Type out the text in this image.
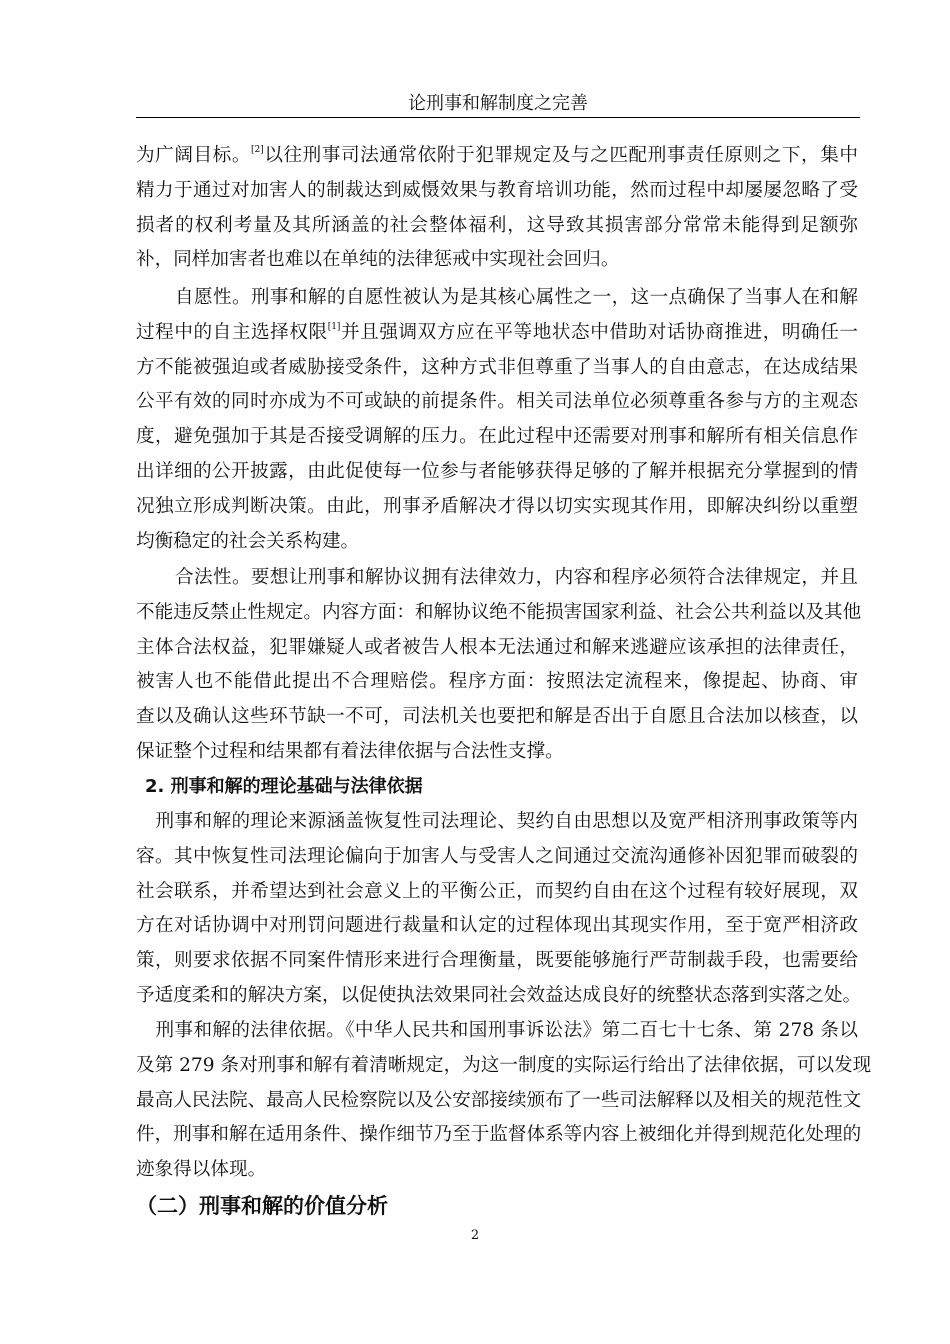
论刑事和解制度之完善
为广阔目标。[2]以往刑事司法通常依附于犯罪规定及与之匹配刑事责任原则之下，集中
精力于通过对加害人的制裁达到威慑效果与教育培训功能，然而过程中却屡屡忽略了受
损者的权利考量及其所涵盖的社会整体福利，这导致其损害部分常常未能得到足额弥
补，同样加害者也难以在单纯的法律惩戒中实现社会回归。
自愿性。刑事和解的自愿性被认为是其核心属性之一，这一点确保了当事人在和解
过程中的自主选择权限[1]并且强调双方应在平等地状态中借助对话协商推进，明确任一
方不能被强迫或者威胁接受条件，这种方式非但尊重了当事人的自由意志，在达成结果
公平有效的同时亦成为不可或缺的前提条件。相关司法单位必须尊重各参与方的主观态
度，避免强加于其是否接受调解的压力。在此过程中还需要对刑事和解所有相关信息作
出详细的公开披露，由此促使每一位参与者能够获得足够的了解并根据充分掌握到的情
况独立形成判断决策。由此，刑事矛盾解决才得以切实实现其作用，即解决纠纷以重塑
均衡稳定的社会关系构建。
合法性。要想让刑事和解协议拥有法律效力，内容和程序必须符合法律规定，并且
不能违反禁止性规定。内容方面：和解协议绝不能损害国家利益、社会公共利益以及其他
主体合法权益，犯罪嫌疑人或者被告人根本无法通过和解来逃避应该承担的法律责任，
被害人也不能借此提出不合理赔偿。程序方面：按照法定流程来，像提起、协商、审
查以及确认这些环节缺一不可，司法机关也要把和解是否出于自愿且合法加以核查，以
保证整个过程和结果都有着法律依据与合法性支撑。
2. 刑事和解的理论基础与法律依据
刑事和解的理论来源涵盖恢复性司法理论、契约自由思想以及宽严相济刑事政策等内
容。其中恢复性司法理论偏向于加害人与受害人之间通过交流沟通修补因犯罪而破裂的
社会联系，并希望达到社会意义上的平衡公正，而契约自由在这个过程有较好展现，双
方在对话协调中对刑罚问题进行裁量和认定的过程体现出其现实作用，至于宽严相济政
策，则要求依据不同案件情形来进行合理衡量，既要能够施行严苛制裁手段，也需要给
予适度柔和的解决方案，以促使执法效果同社会效益达成良好的统整状态落到实落之处。
刑事和解的法律依据。《中华人民共和国刑事诉讼法》第二百七十七条、第 278 条以
及第 279 条对刑事和解有着清晰规定，为这一制度的实际运行给出了法律依据，可以发现
最高人民法院、最高人民检察院以及公安部接续颁布了一些司法解释以及相关的规范性文
件，刑事和解在适用条件、操作细节乃至于监督体系等内容上被细化并得到规范化处理的
迹象得以体现。
（二）刑事和解的价值分析
2
